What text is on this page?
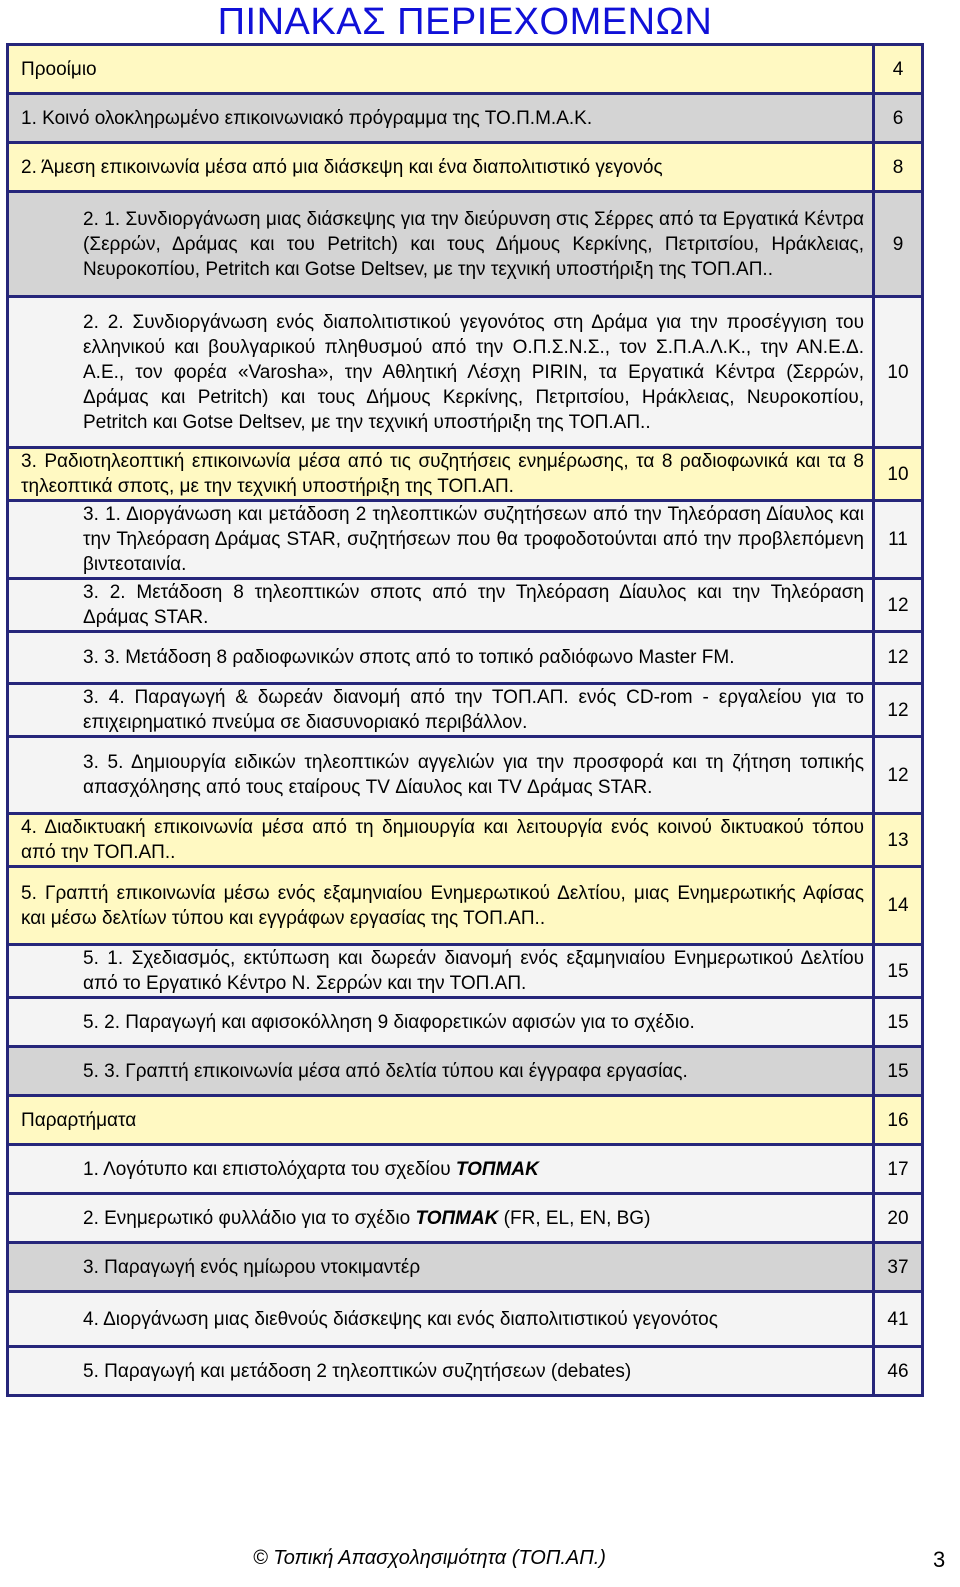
ΠΙΝΑΚΑΣ ΠΕΡΙΕΧΟΜΕΝΩΝ
Προοίμιο	4
1. Κοινό ολοκληρωμένο επικοινωνιακό πρόγραμμα της ΤΟ.Π.Μ.Α.Κ.	6
2. Άμεση επικοινωνία μέσα από μια διάσκεψη και ένα διαπολιτιστικό γεγονός	8
2. 1. Συνδιοργάνωση μιας διάσκεψης για την διεύρυνση στις Σέρρες από τα Εργατικά Κέντρα (Σερρών, Δράμας και του Petritch) και τους Δήμους Κερκίνης, Πετριτσίου, Ηράκλειας, Νευροκοπίου, Petritch και Gotse Deltsev, με την τεχνική υποστήριξη της ΤΟΠ.ΑΠ..	9
2. 2. Συνδιοργάνωση ενός διαπολιτιστικού γεγονότος στη Δράμα για την προσέγγιση του ελληνικού και βουλγαρικού πληθυσμού από την Ο.Π.Σ.Ν.Σ., τον Σ.Π.Α.Λ.Κ., την ΑΝ.Ε.Δ. Α.Ε., τον φορέα «Varosha», την Αθλητική Λέσχη PIRIN, τα Εργατικά Κέντρα (Σερρών, Δράμας και Petritch) και τους Δήμους Κερκίνης, Πετριτσίου, Ηράκλειας, Νευροκοπίου, Petritch και Gotse Deltsev, με την τεχνική υποστήριξη της ΤΟΠ.ΑΠ..	10
3. Ραδιοτηλεοπτική επικοινωνία μέσα από τις συζητήσεις ενημέρωσης, τα 8 ραδιοφωνικά και τα 8 τηλεοπτικά σποτς, με την τεχνική υποστήριξη της ΤΟΠ.ΑΠ.	10
3. 1. Διοργάνωση και μετάδοση 2 τηλεοπτικών συζητήσεων από την Τηλεόραση Δίαυλος και την Τηλεόραση Δράμας STAR, συζητήσεων που θα τροφοδοτούνται από την προβλεπόμενη βιντεοταινία.	11
3. 2. Μετάδοση 8 τηλεοπτικών σποτς από την Τηλεόραση Δίαυλος και την Τηλεόραση Δράμας STAR.	12
3. 3. Μετάδοση 8 ραδιοφωνικών σποτς από το τοπικό ραδιόφωνο Master FM.	12
3. 4. Παραγωγή & δωρεάν διανομή από την ΤΟΠ.ΑΠ. ενός CD-rom - εργαλείου για το επιχειρηματικό πνεύμα σε διασυνοριακό περιβάλλον.	12
3. 5. Δημιουργία ειδικών τηλεοπτικών αγγελιών για την προσφορά και τη ζήτηση τοπικής απασχόλησης από τους εταίρους TV Δίαυλος και TV Δράμας STAR.	12
4. Διαδικτυακή επικοινωνία μέσα από τη δημιουργία και λειτουργία ενός κοινού δικτυακού τόπου από την ΤΟΠ.ΑΠ..	13
5. Γραπτή επικοινωνία μέσω ενός εξαμηνιαίου Ενημερωτικού Δελτίου, μιας Ενημερωτικής Αφίσας και μέσω δελτίων τύπου και εγγράφων εργασίας της ΤΟΠ.ΑΠ..	14
5. 1. Σχεδιασμός, εκτύπωση και δωρεάν διανομή ενός εξαμηνιαίου Ενημερωτικού Δελτίου από το Εργατικό Κέντρο Ν. Σερρών και την ΤΟΠ.ΑΠ.	15
5. 2. Παραγωγή και αφισοκόλληση 9 διαφορετικών αφισών για το σχέδιο.	15
5. 3. Γραπτή επικοινωνία μέσα από δελτία τύπου και έγγραφα εργασίας.	15
Παραρτήματα	16
1. Λογότυπο και επιστολόχαρτα του σχεδίου ΤΟΠΜΑΚ	17
2. Ενημερωτικό φυλλάδιο για το σχέδιο ΤΟΠΜΑΚ (FR, EL, EN, BG)	20
3. Παραγωγή ενός ημίωρου ντοκιμαντέρ	37
4. Διοργάνωση μιας διεθνούς διάσκεψης και ενός διαπολιτιστικού γεγονότος	41
5. Παραγωγή και μετάδοση 2 τηλεοπτικών συζητήσεων (debates)	46
© Τοπική Απασχολησιμότητα (ΤΟΠ.ΑΠ.)	3
